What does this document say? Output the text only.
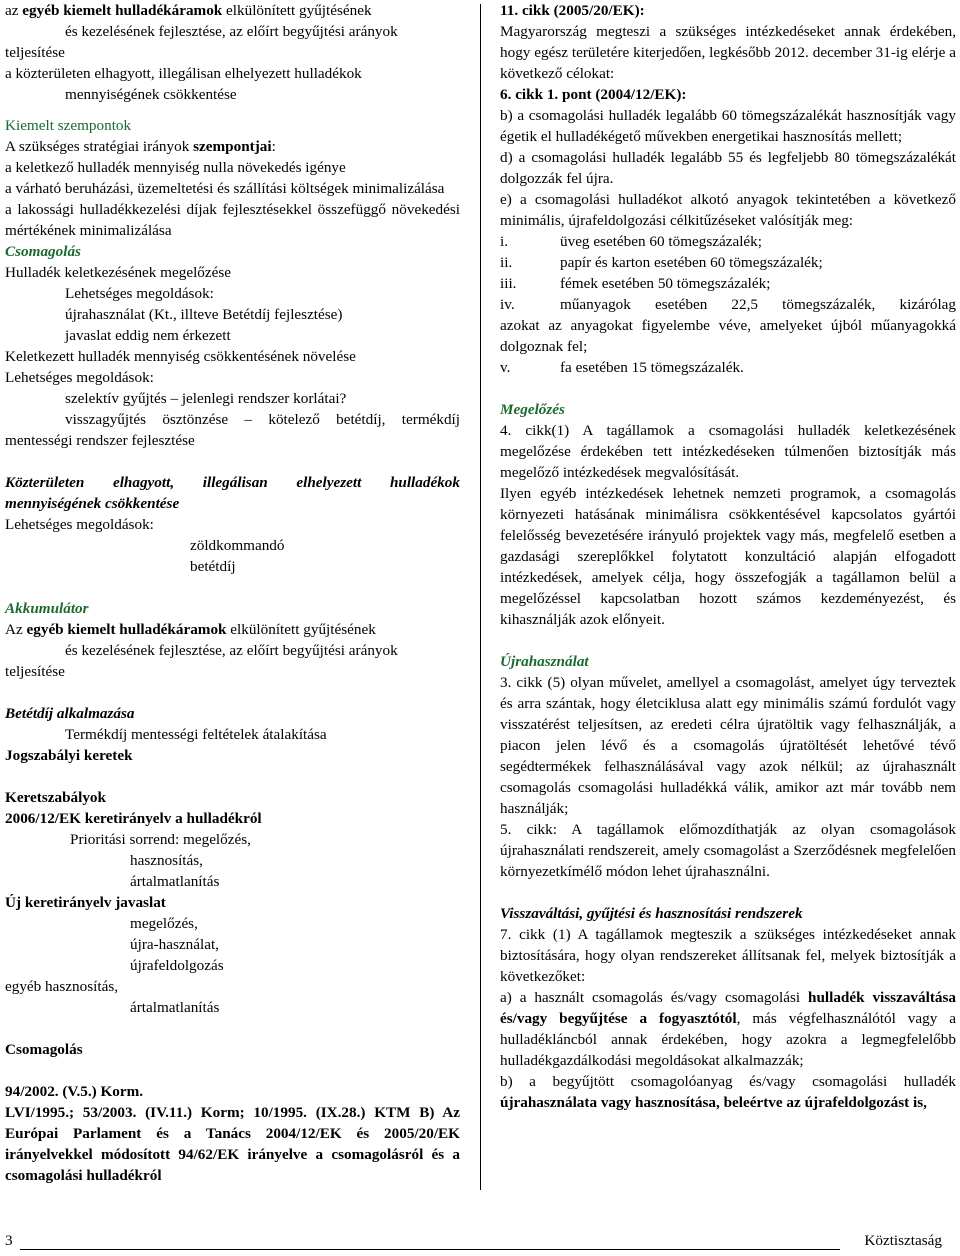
az egyéb kiemelt hulladékáramok elkülönített gyűjtésének

és kezelésének fejlesztése, az előírt begyűjtési arányok

teljesítése

a közterületen elhagyott, illegálisan elhelyezett hulladékok

mennyiségének csökkentése

Kiemelt szempontok

A szükséges stratégiai irányok szempontjai:

a keletkező hulladék mennyiség nulla növekedés igénye

a várható beruházási, üzemeltetési és szállítási költségek minimalizálása

a lakossági hulladékkezelési díjak fejlesztésekkel összefüggő növekedési mértékének minimalizálása

Csomagolás

Hulladék keletkezésének megelőzése

Lehetséges megoldások:

újrahasználat (Kt., illteve Betétdíj fejlesztése)

javaslat eddig nem érkezett

Keletkezett hulladék mennyiség csökkentésének növelése

Lehetséges megoldások:

szelektív gyűjtés – jelenlegi rendszer korlátai?

visszagyűjtés ösztönzése – kötelező betétdíj, termékdíj mentességi rendszer fejlesztése

Közterületen elhagyott, illegálisan elhelyezett hulladékok mennyiségének csökkentése

Lehetséges megoldások:

zöldkommandó

betétdíj

Akkumulátor

Az egyéb kiemelt hulladékáramok elkülönített gyűjtésének

és kezelésének fejlesztése, az előírt begyűjtési arányok

teljesítése

Betétdíj alkalmazása

Termékdíj mentességi feltételek átalakítása

Jogszabályi keretek

Keretszabályok

2006/12/EK keretirányelv a hulladékról

Prioritási sorrend: megelőzés,

hasznosítás,

ártalmatlanítás

Új keretirányelv javaslat

megelőzés,

újra-használat,

újrafeldolgozás

egyéb hasznosítás,

ártalmatlanítás

Csomagolás

94/2002. (V.5.) Korm.

LVI/1995.; 53/2003. (IV.11.) Korm; 10/1995. (IX.28.) KTM B) Az Európai Parlament és a Tanács 2004/12/EK és 2005/20/EK irányelvekkel módosított 94/62/EK irányelve a csomagolásról és a csomagolási hulladékról

11. cikk (2005/20/EK):

Magyarország megteszi a szükséges intézkedéseket annak érdekében, hogy egész területére kiterjedően, legkésőbb 2012. december 31-ig elérje a következő célokat:

6. cikk 1. pont (2004/12/EK):

b) a csomagolási hulladék legalább 60 tömegszázalékát hasznosítják vagy égetik el hulladékégető művekben energetikai hasznosítás mellett;

d) a csomagolási hulladék legalább 55 és legfeljebb 80 tömegszázalékát dolgozzák fel újra.

e) a csomagolási hulladékot alkotó anyagok tekintetében a következő minimális, újrafeldolgozási célkitűzéseket valósítják meg:

i.	üveg esetében 60 tömegszázalék;
ii.	papír és karton esetében 60 tömegszázalék;
iii.	fémek esetében 50 tömegszázalék;
iv.	műanyagok esetében 22,5 tömegszázalék, kizárólag

azokat az anyagokat figyelembe véve, amelyeket újból műanyagokká dolgoznak fel;

v.	fa esetében 15 tömegszázalék.

Megelőzés

4. cikk(1) A tagállamok a csomagolási hulladék keletkezésének megelőzése érdekében tett intézkedéseken túlmenően biztosítják más megelőző intézkedések megvalósítását.

Ilyen egyéb intézkedések lehetnek nemzeti programok, a csomagolás környezeti hatásának minimálisra csökkentésével kapcsolatos gyártói felelősség bevezetésére irányuló projektek vagy más, megfelelő esetben a gazdasági szereplőkkel folytatott konzultáció alapján elfogadott intézkedések, amelyek célja, hogy összefogják a tagállamon belül a megelőzéssel kapcsolatban hozott számos kezdeményezést, és kihasználják azok előnyeit.

Újrahasználat

3. cikk (5) olyan művelet, amellyel a csomagolást, amelyet úgy terveztek és arra szántak, hogy életciklusa alatt egy minimális számú fordulót vagy visszatérést teljesítsen, az eredeti célra újratöltik vagy felhasználják, a piacon jelen lévő és a csomagolás újratöltését lehetővé tévő segédtermékek felhasználásával vagy azok nélkül; az újrahasznált csomagolás csomagolási hulladékká válik, amikor azt már tovább nem használják;

5. cikk: A tagállamok előmozdíthatják az olyan csomagolások újrahasználati rendszereit, amely csomagolást a Szerződésnek megfelelően környezetkímélő módon lehet újrahasználni.

Visszaváltási, gyűjtési és hasznosítási rendszerek

7. cikk (1) A tagállamok megteszik a szükséges intézkedéseket annak biztosítására, hogy olyan rendszereket állítsanak fel, melyek biztosítják a következőket:

a) a használt csomagolás és/vagy csomagolási hulladék visszaváltása és/vagy begyűjtése a fogyasztótól, más végfelhasználótól vagy a hulladékláncból annak érdekében, hogy azokra a legmegfelelőbb hulladékgazdálkodási megoldásokat alkalmazzák;

b) a begyűjtött csomagolóanyag és/vagy csomagolási hulladék újrahasználata vagy hasznosítása, beleértve az újrafeldolgozást is,

3	Köztisztaság
